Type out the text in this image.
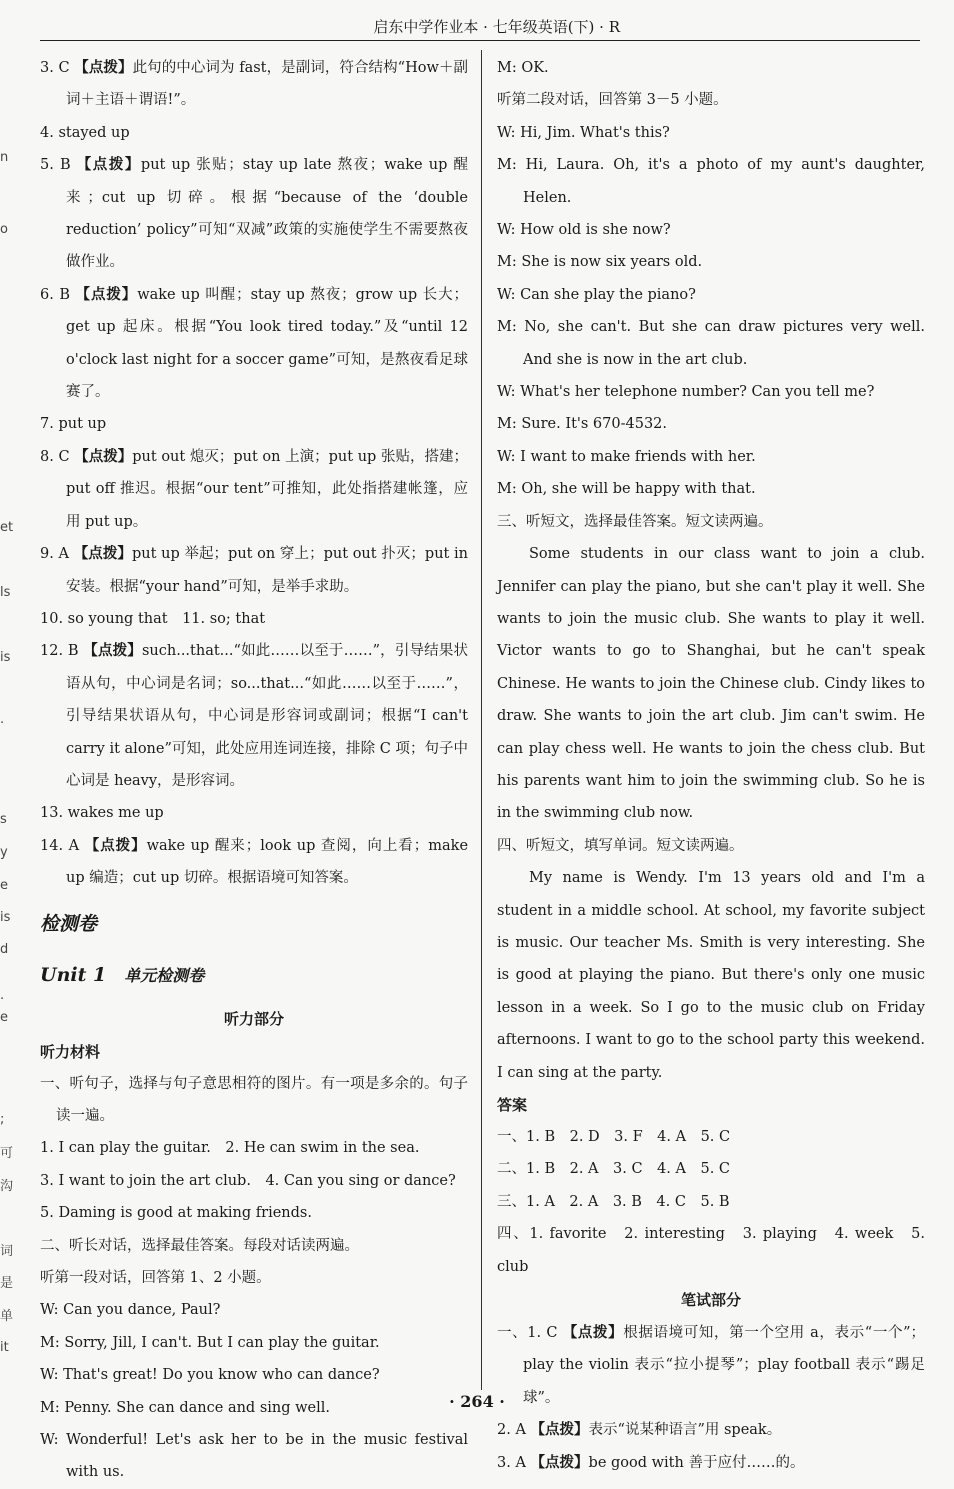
启东中学作业本 · 七年级英语(下) · R
n
o
et
ls
is
.
s
y
e
is
d
.
e
;
可
沟
词
是
单
it
3. C 【点拨】此句的中心词为 fast，是副词，符合结构“How＋副词＋主语＋谓语!”。
4. stayed up
5. B 【点拨】put up 张贴；stay up late 熬夜；wake up 醒来；cut up 切碎。根据“because of the ‘double reduction’ policy”可知“双减”政策的实施使学生不需要熬夜做作业。
6. B 【点拨】wake up 叫醒；stay up 熬夜；grow up 长大；get up 起床。根据“You look tired today.”及“until 12 o'clock last night for a soccer game”可知，是熬夜看足球赛了。
7. put up
8. C 【点拨】put out 熄灭；put on 上演；put up 张贴，搭建；put off 推迟。根据“our tent”可推知，此处指搭建帐篷，应用 put up。
9. A 【点拨】put up 举起；put on 穿上；put out 扑灭；put in 安装。根据“your hand”可知，是举手求助。
10. so young that　11. so; that
12. B 【点拨】such...that...“如此……以至于……”，引导结果状语从句，中心词是名词；so...that...“如此……以至于……”，引导结果状语从句，中心词是形容词或副词；根据“I can't carry it alone”可知，此处应用连词连接，排除 C 项；句子中心词是 heavy，是形容词。
13. wakes me up
14. A 【点拨】wake up 醒来；look up 查阅，向上看；make up 编造；cut up 切碎。根据语境可知答案。
检测卷
Unit 1 单元检测卷
听力部分
听力材料
一、听句子，选择与句子意思相符的图片。有一项是多余的。句子读一遍。
1. I can play the guitar.　2. He can swim in the sea.
3. I want to join the art club.　4. Can you sing or dance?
5. Daming is good at making friends.
二、听长对话，选择最佳答案。每段对话读两遍。
听第一段对话，回答第 1、2 小题。
W: Can you dance, Paul?
M: Sorry, Jill, I can't. But I can play the guitar.
W: That's great! Do you know who can dance?
M: Penny. She can dance and sing well.
W: Wonderful! Let's ask her to be in the music festival with us.
M: OK.
听第二段对话，回答第 3－5 小题。
W: Hi, Jim. What's this?
M: Hi, Laura. Oh, it's a photo of my aunt's daughter, Helen.
W: How old is she now?
M: She is now six years old.
W: Can she play the piano?
M: No, she can't. But she can draw pictures very well. And she is now in the art club.
W: What's her telephone number? Can you tell me?
M: Sure. It's 670-4532.
W: I want to make friends with her.
M: Oh, she will be happy with that.
三、听短文，选择最佳答案。短文读两遍。
Some students in our class want to join a club. Jennifer can play the piano, but she can't play it well. She wants to join the music club. She wants to play it well. Victor wants to go to Shanghai, but he can't speak Chinese. He wants to join the Chinese club. Cindy likes to draw. She wants to join the art club. Jim can't swim. He can play chess well. He wants to join the chess club. But his parents want him to join the swimming club. So he is in the swimming club now.
四、听短文，填写单词。短文读两遍。
My name is Wendy. I'm 13 years old and I'm a student in a middle school. At school, my favorite subject is music. Our teacher Ms. Smith is very interesting. She is good at playing the piano. But there's only one music lesson in a week. So I go to the music club on Friday afternoons. I want to go to the school party this weekend. I can sing at the party.
答案
一、1. B　2. D　3. F　4. A　5. C
二、1. B　2. A　3. C　4. A　5. C
三、1. A　2. A　3. B　4. C　5. B
四、1. favorite　2. interesting　3. playing　4. week　5. club
笔试部分
一、1. C 【点拨】根据语境可知，第一个空用 a，表示“一个”；play the violin 表示“拉小提琴”；play football 表示“踢足球”。
2. A 【点拨】表示“说某种语言”用 speak。
3. A 【点拨】be good with 善于应付……的。
· 264 ·
